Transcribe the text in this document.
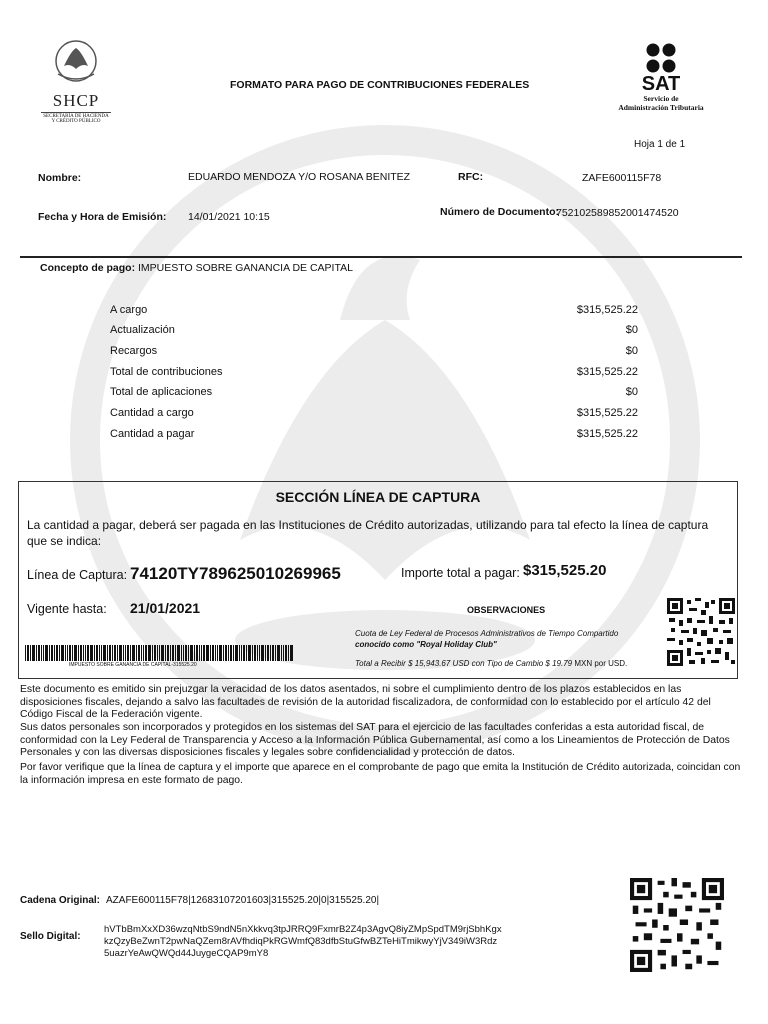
SHCP
SECRETARÍA DE HACIENDA
Y CRÉDITO PÚBLICO
FORMATO PARA PAGO DE CONTRIBUCIONES FEDERALES	SAT
Servicio de
Administración Tributaria
Hoja 1 de 1
Nombre:	EDUARDO MENDOZA Y/O ROSANA BENITEZ	RFC:	ZAFE600115F78
Fecha y Hora de Emisión: 14/01/2021 10:15	Número de Documento:
75210258985200147452​0
Concepto de pago: IMPUESTO SOBRE GANANCIA DE CAPITAL
A cargo	$315,525.22
Actualización	$0
Recargos	$0
Total de contribuciones	$315,525.22
Total de aplicaciones	$0
Cantidad a cargo	$315,525.22
Cantidad a pagar	$315,525.22
SECCIÓN LÍNEA DE CAPTURA
La cantidad a pagar, deberá ser pagada en las Instituciones de Crédito autorizadas, utilizando para tal efecto la línea de captura que se indica:
Línea de Captura: 74120TY789625010269965	Importe total a pagar: $315,525.20
Vigente hasta: 21/01/2021	OBSERVACIONES
Cuota de Ley Federal de Procesos Administrativos de Tiempo Compartido
conocido como "Royal Holiday Club"
Total a Recibir $ 15,943.67 USD con Tipo de Cambio $ 19.79 MXN por USD.
IMPUESTO SOBRE GANANCIA DE CAPITAL-315525.20
Este documento es emitido sin prejuzgar la veracidad de los datos asentados, ni sobre el cumplimiento dentro de los plazos establecidos en las disposiciones fiscales, dejando a salvo las facultades de revisión de la autoridad fiscalizadora, de conformidad con lo establecido por el artículo 42 del Código Fiscal de la Federación vigente.
Sus datos personales son incorporados y protegidos en los sistemas del SAT para el ejercicio de las facultades conferidas a esta autoridad fiscal, de conformidad con la Ley Federal de Transparencia y Acceso a la Información Pública Gubernamental, así como a los Lineamientos de Protección de Datos Personales y con las diversas disposiciones fiscales y legales sobre confidencialidad y protección de datos.
Por favor verifique que la línea de captura y el importe que aparece en el comprobante de pago que emita la Institución de Crédito autorizada, coincidan con la información impresa en este formato de pago.
Cadena Original: AZAFE600115F78|12683107201603|315525.20|0|315525.20|
Sello Digital:
hVTbBmXxXD36wzqNtbS9ndN5nXkkvq3tpJRRQ9FxmrB2Z4p3AgvQ8iyZMpSpdTM9rjSbhKgx
kzQzyBeZwnT2pwNaQZem8rAVfhdiqPkRGWmfQ83dfbStuGfwBZTeHiTmikwyYjV349iW3Rdz
5uazrYeAwQWQd44JuygeCQAP9mY8
